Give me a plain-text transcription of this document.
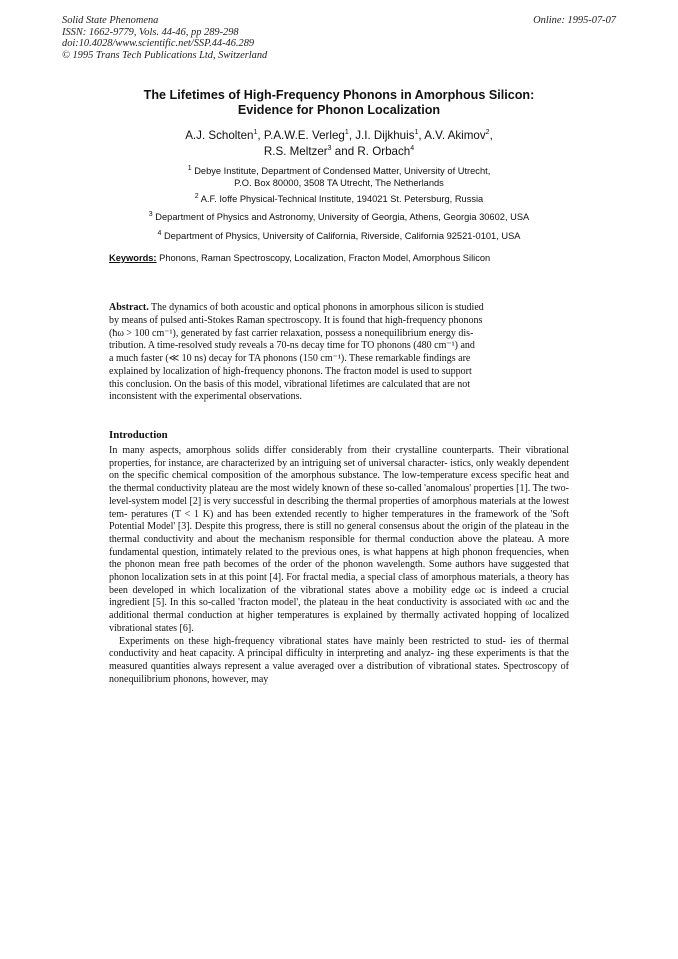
Solid State Phenomena
ISSN: 1662-9779, Vols. 44-46, pp 289-298
doi:10.4028/www.scientific.net/SSP.44-46.289
© 1995 Trans Tech Publications Ltd, Switzerland
Online: 1995-07-07
The Lifetimes of High-Frequency Phonons in Amorphous Silicon:
Evidence for Phonon Localization
A.J. Scholten$^1$, P.A.W.E. Verleg$^1$, J.I. Dijkhuis$^1$, A.V. Akimov$^2$,
R.S. Meltzer$^3$ and R. Orbach$^4$
$^1$ Debye Institute, Department of Condensed Matter, University of Utrecht,
P.O. Box 80000, 3508 TA Utrecht, The Netherlands
$^2$ A.F. Ioffe Physical-Technical Institute, 194021 St. Petersburg, Russia
$^3$ Department of Physics and Astronomy, University of Georgia, Athens, Georgia 30602, USA
$^4$ Department of Physics, University of California, Riverside, California 92521-0101, USA
Keywords: Phonons, Raman Spectroscopy, Localization, Fracton Model, Amorphous Silicon
Abstract. The dynamics of both acoustic and optical phonons in amorphous silicon is studied
by means of pulsed anti-Stokes Raman spectroscopy. It is found that high-frequency phonons
(ħω > 100 cm⁻¹), generated by fast carrier relaxation, possess a nonequilibrium energy dis-
tribution. A time-resolved study reveals a 70-ns decay time for TO phonons (480 cm⁻¹) and
a much faster (≪ 10 ns) decay for TA phonons (150 cm⁻¹). These remarkable findings are
explained by localization of high-frequency phonons. The fracton model is used to support
this conclusion. On the basis of this model, vibrational lifetimes are calculated that are not
inconsistent with the experimental observations.
Introduction

In many aspects, amorphous solids differ considerably from their crystalline counterparts. Their vibrational properties, for instance, are characterized by an intriguing set of universal character- istics, only weakly dependent on the specific chemical composition of the amorphous substance. The low-temperature excess specific heat and the thermal conductivity plateau are the most widely known of these so-called 'anomalous' properties [1]. The two-level-system model [2] is very successful in describing the thermal properties of amorphous materials at the lowest tem- peratures (T < 1 K) and has been extended recently to higher temperatures in the framework of the 'Soft Potential Model' [3]. Despite this progress, there is still no general consensus about the origin of the plateau in the thermal conductivity and about the mechanism responsible for thermal conduction above the plateau. A more fundamental question, intimately related to the previous ones, is what happens at high phonon frequencies, when the phonon mean free path becomes of the order of the phonon wavelength. Some authors have suggested that phonon localization sets in at this point [4]. For fractal media, a special class of amorphous materials, a theory has been developed in which localization of the vibrational states above a mobility edge ωc is indeed a crucial ingredient [5]. In this so-called 'fracton model', the plateau in the heat conductivity is associated with ωc and the additional thermal conduction at higher temperatures is explained by thermally activated hopping of localized vibrational states [6].

Experiments on these high-frequency vibrational states have mainly been restricted to stud- ies of thermal conductivity and heat capacity. A principal difficulty in interpreting and analyz- ing these experiments is that the measured quantities always represent a value averaged over a distribution of vibrational states. Spectroscopy of nonequilibrium phonons, however, may
